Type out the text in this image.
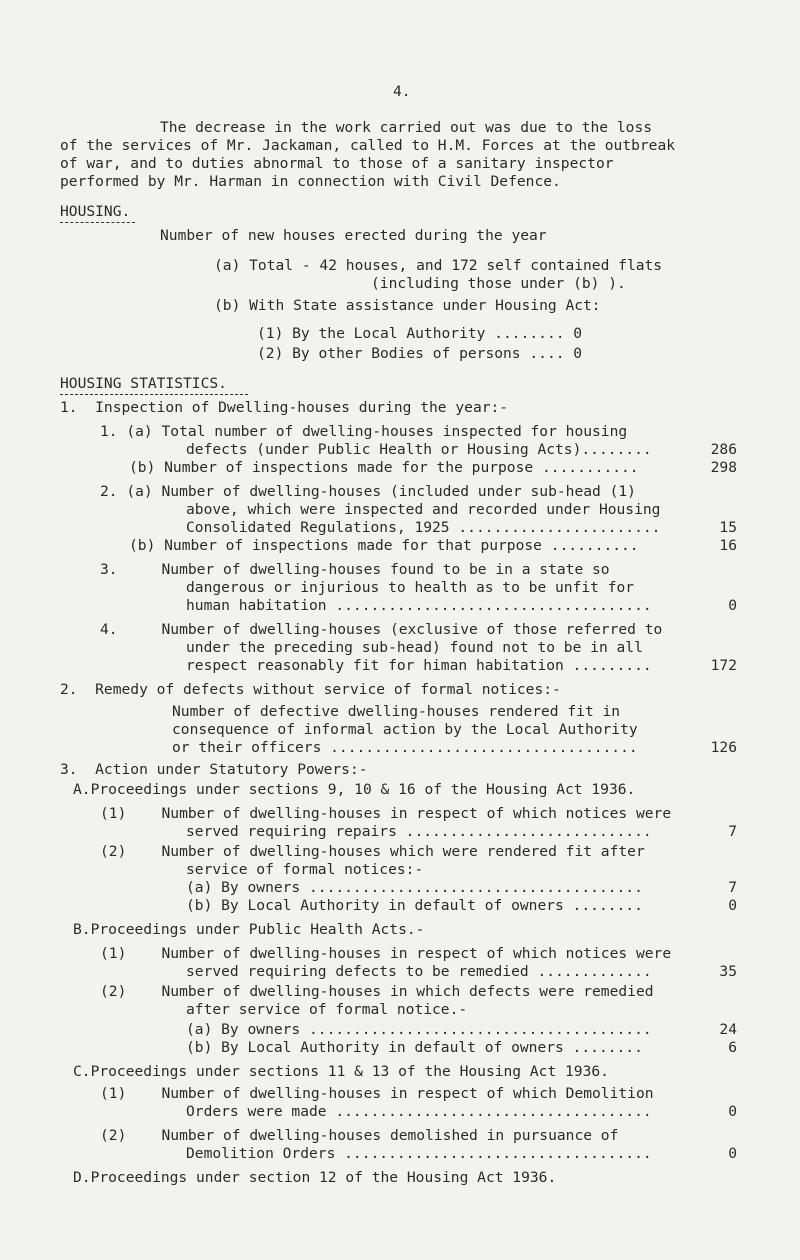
4.
The decrease in the work carried out was due to the loss
of the services of Mr. Jackaman, called to H.M. Forces at the outbreak
of war, and to duties abnormal to those of a sanitary inspector
performed by Mr. Harman in connection with Civil Defence.
HOUSING.
Number of new houses erected during the year
(a) Total - 42 houses, and 172 self contained flats
(including those under (b) ).
(b) With State assistance under Housing Act:
(1) By the Local Authority ........ 0
(2) By other Bodies of persons .... 0
HOUSING STATISTICS.
1.  Inspection of Dwelling-houses during the year:-
1. (a) Total number of dwelling-houses inspected for housing
defects (under Public Health or Housing Acts)........	286
(b) Number of inspections made for the purpose ...........	298
2. (a) Number of dwelling-houses (included under sub-head (1)
above, which were inspected and recorded under Housing
Consolidated Regulations, 1925 .......................	15
(b) Number of inspections made for that purpose ..........	16
3.     Number of dwelling-houses found to be in a state so
dangerous or injurious to health as to be unfit for
human habitation ....................................	0
4.     Number of dwelling-houses (exclusive of those referred to
under the preceding sub-head) found not to be in all
respect reasonably fit for himan habitation .........	172
2.  Remedy of defects without service of formal notices:-
Number of defective dwelling-houses rendered fit in
consequence of informal action by the Local Authority
or their officers ...................................	126
3.  Action under Statutory Powers:-
A.Proceedings under sections 9, 10 & 16 of the Housing Act 1936.
(1)    Number of dwelling-houses in respect of which notices were
served requiring repairs ............................	7
(2)    Number of dwelling-houses which were rendered fit after
service of formal notices:-
(a) By owners ......................................	7
(b) By Local Authority in default of owners ........	0
B.Proceedings under Public Health Acts.-
(1)    Number of dwelling-houses in respect of which notices were
served requiring defects to be remedied .............	35
(2)    Number of dwelling-houses in which defects were remedied
after service of formal notice.-
(a) By owners .......................................	24
(b) By Local Authority in default of owners ........	6
C.Proceedings under sections 11 & 13 of the Housing Act 1936.
(1)    Number of dwelling-houses in respect of which Demolition
Orders were made ....................................	0
(2)    Number of dwelling-houses demolished in pursuance of
Demolition Orders ...................................	0
D.Proceedings under section 12 of the Housing Act 1936.
